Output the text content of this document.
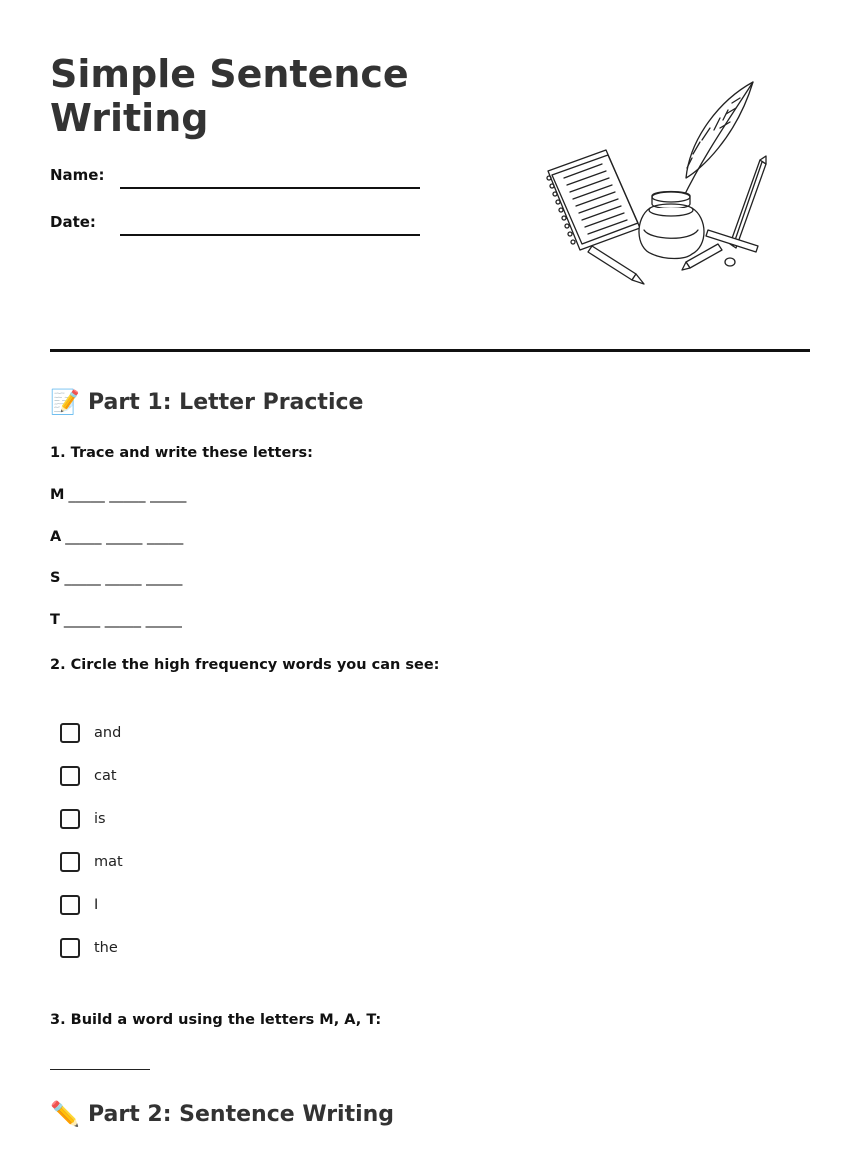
Simple Sentence Writing
Name:
Date:
📝 Part 1: Letter Practice
1. Trace and write these letters:
M _____ _____ _____
A _____ _____ _____
S _____ _____ _____
T _____ _____ _____
2. Circle the high frequency words you can see:
and
cat
is
mat
I
the
3. Build a word using the letters M, A, T:
✏️ Part 2: Sentence Writing
